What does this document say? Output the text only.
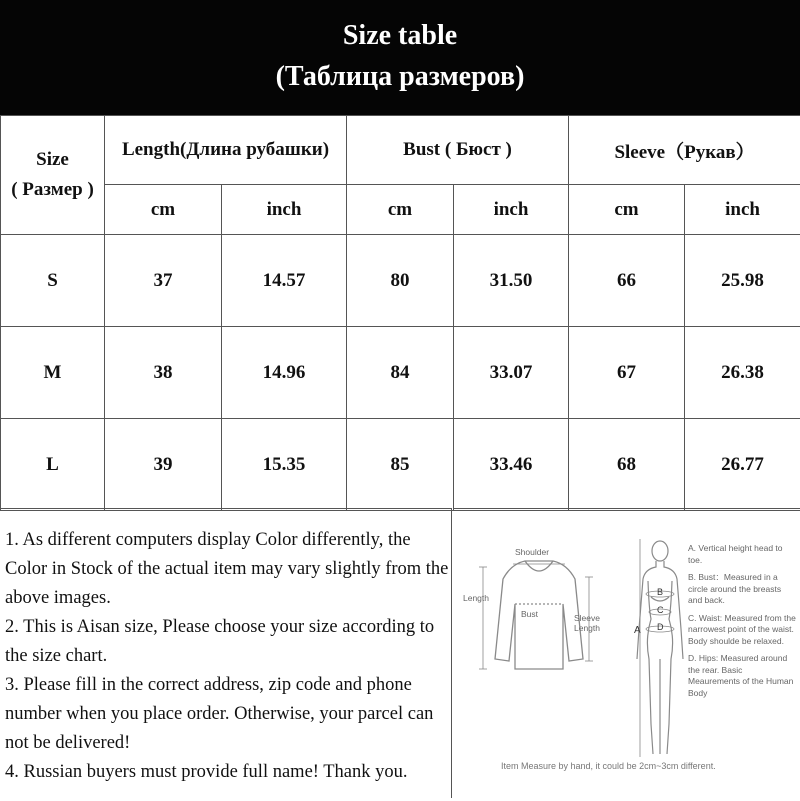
Size table
(Таблица размеров)
Size
( Размер )	Length(Длина рубашки)		Bust ( Бюст )		Sleeve（Рукав）	
	cm	inch	cm	inch	cm	inch
S	37	14.57	80	31.50	66	25.98
M	38	14.96	84	33.07	67	26.38
L	39	15.35	85	33.46	68	26.77

1. As different computers display Color differently, the Color in Stock of the actual item may vary slightly from the above images.

2. This is Aisan size, Please choose your size according to the size chart.

3. Please fill in the correct address, zip code and phone number when you place order. Otherwise, your parcel can not be delivered!

4. Russian buyers must provide full name! Thank you.

Shoulder
Length
Bust	Sleeve
Length	A
B
C
D

A. Vertical height head to toe.

B. Bust：Measured in a circle around the breasts and back.

C. Waist: Measured from the narrowest point of the waist. Body shoulde be relaxed.

D. Hips: Measured around the rear. Basic Meaurements of the Human Body

Item Measure by hand, it could be 2cm~3cm different.
